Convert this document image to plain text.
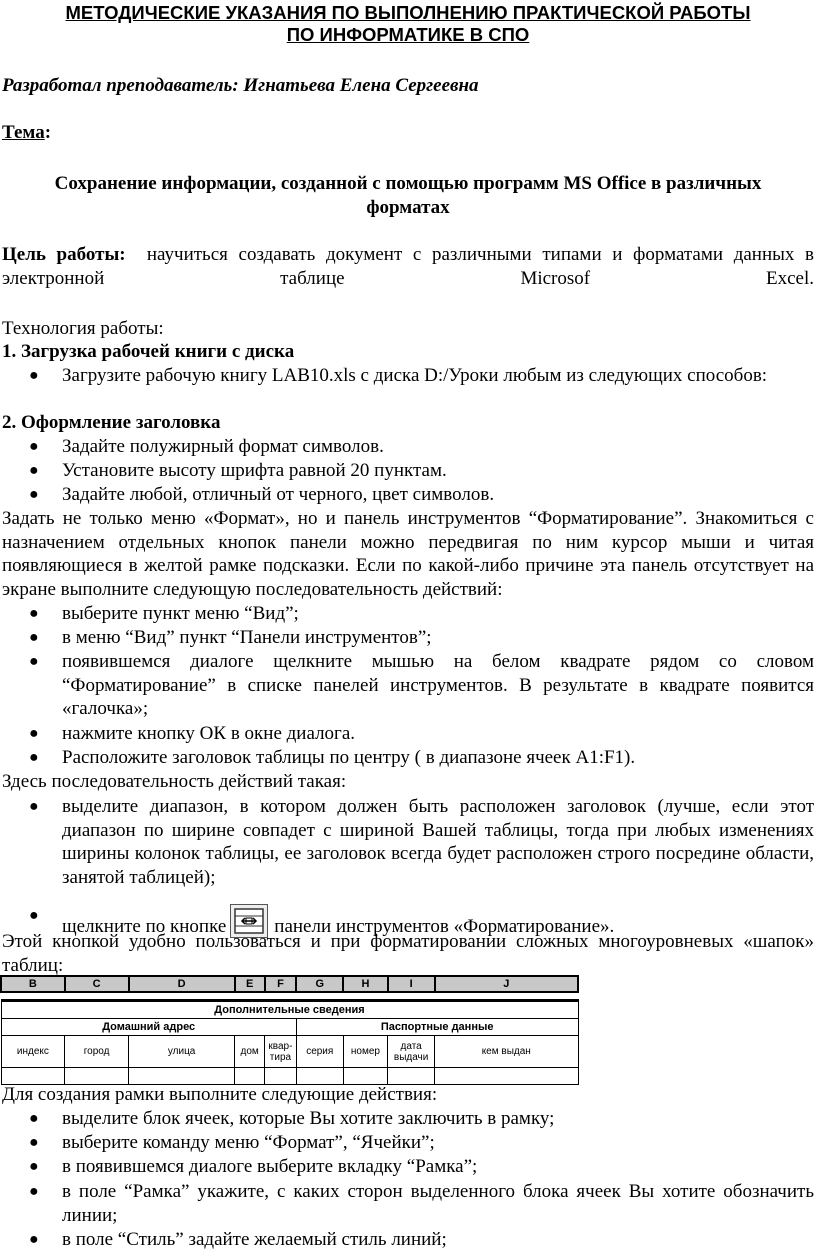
МЕТОДИЧЕСКИЕ УКАЗАНИЯ ПО ВЫПОЛНЕНИЮ ПРАКТИЧЕСКОЙ РАБОТЫ
ПО ИНФОРМАТИКЕ В СПО
Разработал преподаватель: Игнатьева Елена Сергеевна
Тема:
Сохранение информации, созданной с помощью программ MS Office в различных форматах
Цель работы: научиться создавать документ с различными типами и форматами данных в электронной таблице Microsof Excel.
Технология работы:
1. Загрузка рабочей книги с диска
● Загрузите рабочую книгу LAB10.xls с диска D:/Уроки любым из следующих способов:
2. Оформление заголовка
● Задайте полужирный формат символов.
● Установите высоту шрифта равной 20 пунктам.
● Задайте любой, отличный от черного, цвет символов.
Задать не только меню «Формат», но и панель инструментов “Форматирование”. Знакомиться с назначением отдельных кнопок панели можно передвигая по ним курсор мыши и читая появляющиеся в желтой рамке подсказки. Если по какой-либо причине эта панель отсутствует на экране выполните следующую последовательность действий:
● выберите пункт меню “Вид”;
● в меню “Вид” пункт “Панели инструментов”;
● появившемся диалоге щелкните мышью на белом квадрате рядом со словом “Форматирование” в списке панелей инструментов. В результате в квадрате появится «галочка»;
● нажмите кнопку ОК в окне диалога.
● Расположите заголовок таблицы по центру ( в диапазоне ячеек А1:F1).
Здесь последовательность действий такая:
● выделите диапазон, в котором должен быть расположен заголовок (лучше, если этот диапазон по ширине совпадет с шириной Вашей таблицы, тогда при любых изменениях ширины колонок таблицы, ее заголовок всегда будет расположен строго посредине области, занятой таблицей);
●
щелкните по кнопке	панели инструментов «Форматирование».
Этой кнопкой удобно пользоваться и при форматировании сложных многоуровневых «шапок» таблиц:
B	C	D	E	F	G	H	I	J

Дополнительные сведения								
Домашний адрес					Паспортные данные			
индекс	город	улица	дом	квар-тира	серия	номер	дата выдачи	кем выдан

Для создания рамки выполните следующие действия:
● выделите блок ячеек, которые Вы хотите заключить в рамку;
● выберите команду меню “Формат”, “Ячейки”;
● в появившемся диалоге выберите вкладку “Рамка”;
● в поле “Рамка” укажите, с каких сторон выделенного блока ячеек Вы хотите обозначить линии;
● в поле “Стиль” задайте желаемый стиль линий;
